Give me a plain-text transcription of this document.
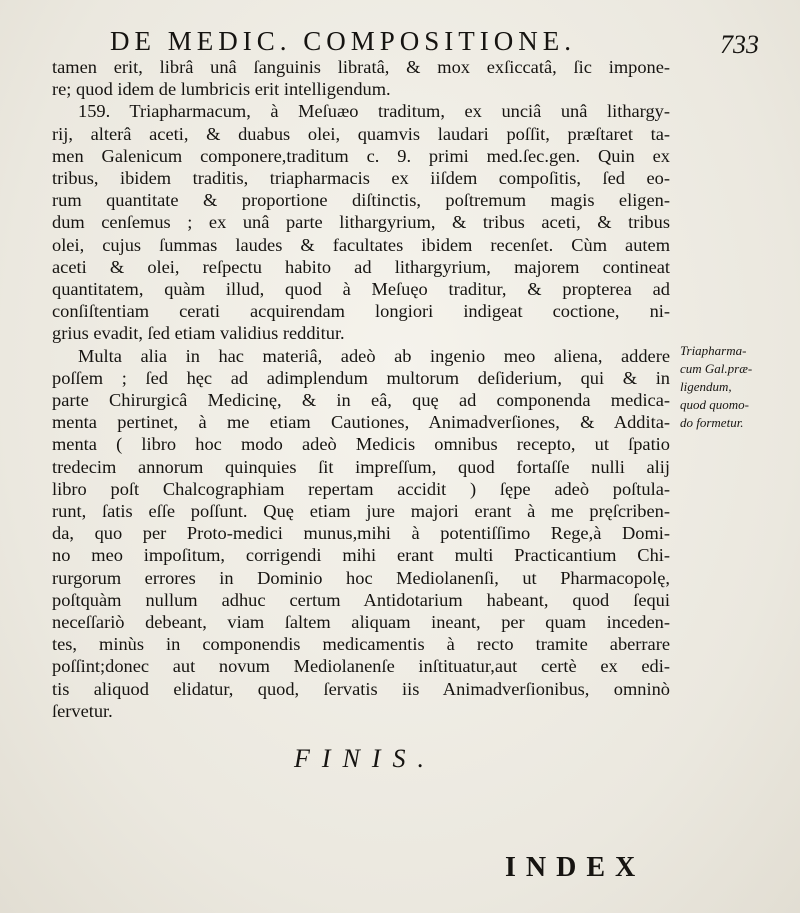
DE MEDIC. COMPOSITIONE.	733
tamen erit, librâ unâ ſanguinis libratâ, & mox exſiccatâ, ſic impone-
re; quod idem de lumbricis erit intelligendum.
159. Triapharmacum, à Meſuæo traditum, ex unciâ unâ lithargy-
rij, alterâ aceti, & duabus olei, quamvis laudari poſſit, præſtaret ta-
men Galenicum componere,traditum c. 9. primi med.ſec.gen. Quin ex
tribus, ibidem traditis, triapharmacis ex iiſdem compoſitis, ſed eo-
rum quantitate & proportione diſtinctis, poſtremum magis eligen-
dum cenſemus ; ex unâ parte lithargyrium, & tribus aceti, & tribus
olei, cujus ſummas laudes & facultates ibidem recenſet. Cùm autem
aceti & olei, reſpectu habito ad lithargyrium, majorem contineat
quantitatem, quàm illud, quod à Meſuęo traditur, & propterea ad
conſiſtentiam cerati acquirendam longiori indigeat coctione, ni-
grius evadit, ſed etiam validius redditur.
Multa alia in hac materiâ, adeò ab ingenio meo aliena, addere
poſſem ; ſed hęc ad adimplendum multorum deſiderium, qui & in
parte Chirurgicâ Medicinę, & in eâ, quę ad componenda medica-
menta pertinet, à me etiam Cautiones, Animadverſiones, & Additа-
menta ( libro hoc modo adeò Medicis omnibus recepto, ut ſpatio
tredecim annorum quinquies ſit impreſſum, quod fortaſſe nulli alij
libro poſt Chalcographiam repertam accidit ) ſępe adeò poſtula-
runt, ſatis eſſe poſſunt. Quę etiam jure majori erant à me pręſcriben-
da, quo per Proto-medici munus,mihi à potentiſſimo Rege,à Domi-
no meo impoſitum, corrigendi mihi erant multi Practicantium Chi-
rurgorum errores in Dominio hoc Mediolanenſi, ut Pharmacopolę,
poſtquàm nullum adhuc certum Antidotarium habeant, quod ſequi
neceſſariò debeant, viam ſaltem aliquam ineant, per quam inceden-
tes, minùs in componendis medicamentis à recto tramite aberrare
poſſint;donec aut novum Mediolanenſe inſtituatur,aut certè ex edi-
tis aliquod elidatur, quod, ſervatis iis Animadverſionibus, omninò
ſervetur.
Triapharma-
cum Gal.præ-
ligendum,
quod quomo-
do formetur.
FINIS.
INDEX
